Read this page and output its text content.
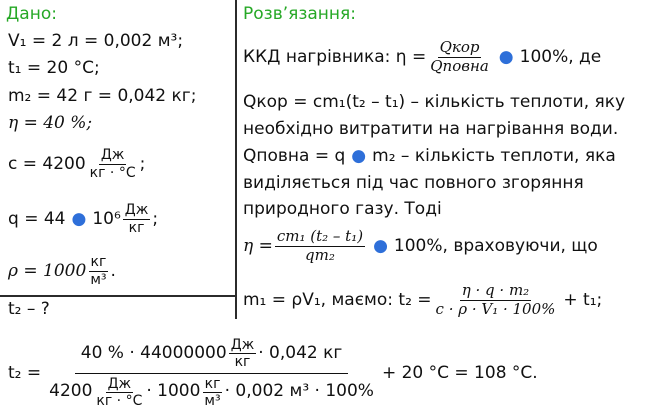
Дано:
V₁ = 2 л = 0,002 м³;
t₁ = 20 °C;
m₂ = 42 г = 0,042 кг;
η = 40 %;
$c = 4200 \frac{Дж}{кг \cdot ^\circ C}$ ;
q = 44 ● $10^6 \frac{Дж}{кг}$ ;
$\rho = 1000 \frac{кг}{\text{м³}}$ .
t₂ – ?
Розв’язання:
ККД нагрівника: $\eta = \frac{\text{Qкор}}{\text{Qповна}}$ ● 100%, де
Qкор = cm₁(t₂ – t₁) – кількість теплоти, яку
необхідно витратити на нагрівання води.
Qповна = q ● m₂ – кількість теплоти, яка
виділяється під час повного згоряння
природного газу. Тоді
$\eta = \frac{\text{cm₁ (t₂ – t₁)}}{\text{qm₂}}$ ● 100%, враховуючи, що
m₁ = ρV₁, маємо: $t_2 = \frac{\text{η · q · m₂}}{\text{c · ρ · V₁ · 100\%}} + t_1$;
t₂ =
40 % · $44000000 \frac{Дж}{кг} \cdot 0,042$ кг
$4200 \frac{Дж}{кг \cdot ^\circ C} \cdot 1000 \frac{кг}{\text{м³}} \cdot 0,002$ м³ · 100%
+ 20 °C = 108 °C.
